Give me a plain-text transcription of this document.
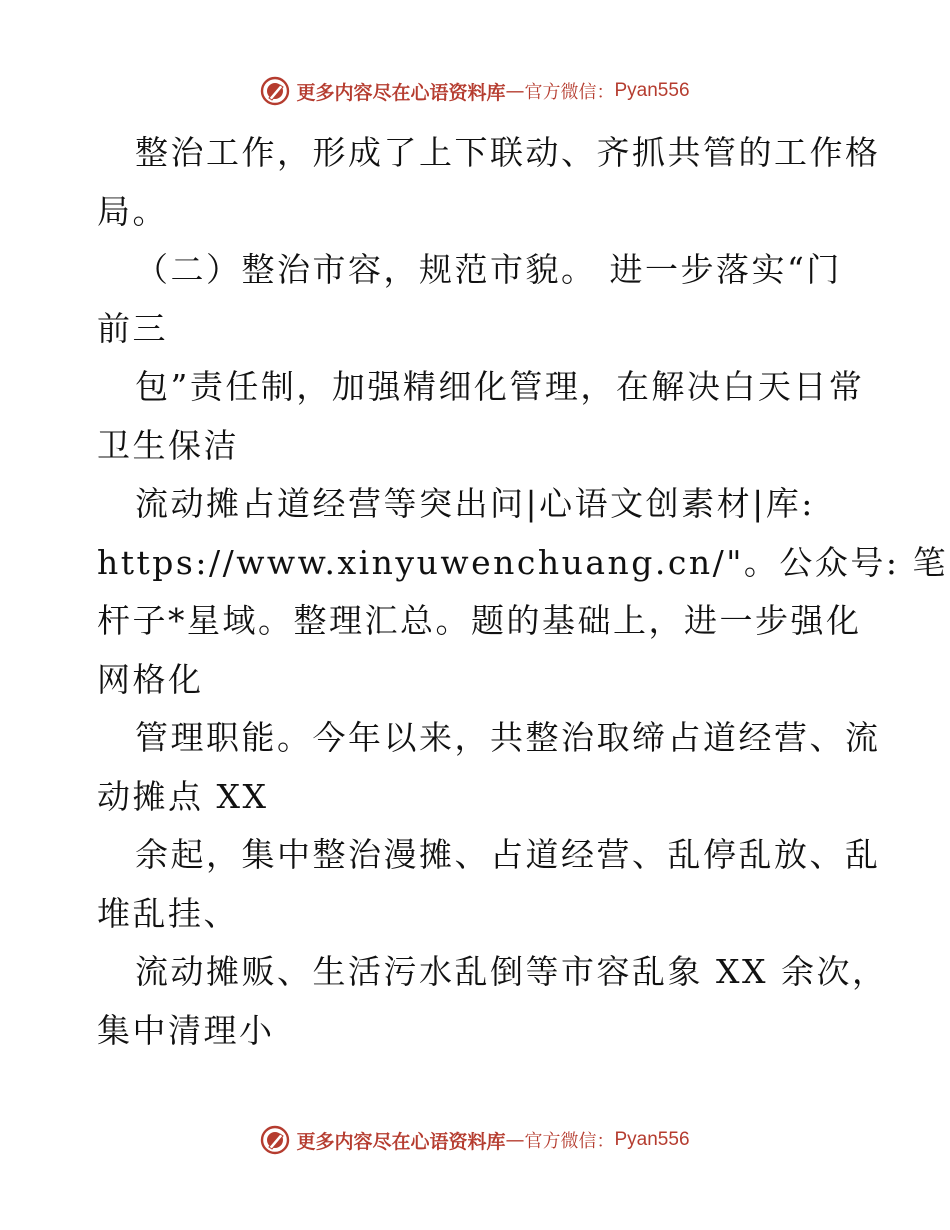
更多内容尽在心语资料库 — 官方微信： Pyan556
整治工作，形成了上下联动、齐抓共管的工作格
局。
（二）整治市容，规范市貌。 进一步落实“门
前三
包”责任制，加强精细化管理，在解决白天日常
卫生保洁
流动摊占道经营等突出问|心语文创素材|库:
https://www.xinyuwenchuang.cn/"。公众号: 笔
杆子*星域。整理汇总。题的基础上，进一步强化
网格化
管理职能。今年以来，共整治取缔占道经营、流
动摊点 XX
余起，集中整治漫摊、占道经营、乱停乱放、乱
堆乱挂、
流动摊贩、生活污水乱倒等市容乱象 XX 余次，
集中清理小
更多内容尽在心语资料库 — 官方微信： Pyan556
